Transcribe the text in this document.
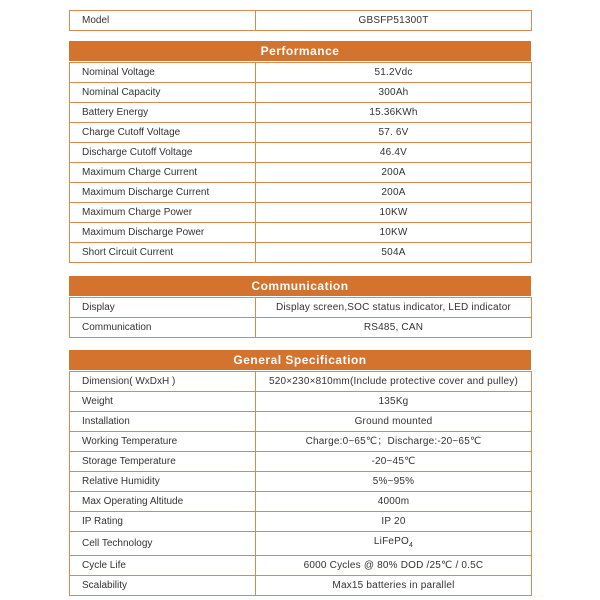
Model	GBSFP51300T
Performance
Nominal Voltage	51.2Vdc
Nominal Capacity	300Ah
Battery Energy	15.36KWh
Charge Cutoff Voltage	57. 6V
Discharge Cutoff Voltage	46.4V
Maximum Charge Current	200A
Maximum Discharge Current	200A
Maximum Charge Power	10KW
Maximum Discharge Power	10KW
Short Circuit Current	504A
Communication
Display	Display screen,SOC status indicator, LED indicator
Communication	RS485, CAN
General Specification
Dimension( WxDxH )	520×230×810mm(Include protective cover and pulley)
Weight	135Kg
Installation	Ground mounted
Working Temperature	Charge:0~65℃；Discharge:-20~65℃
Storage Temperature	-20~45℃
Relative Humidity	5%~95%
Max Operating Altitude	4000m
IP Rating	IP 20
Cell Technology	LiFePO$_4$
Cycle Life	6000 Cycles @ 80% DOD /25℃ / 0.5C
Scalability	Max15 batteries in parallel
